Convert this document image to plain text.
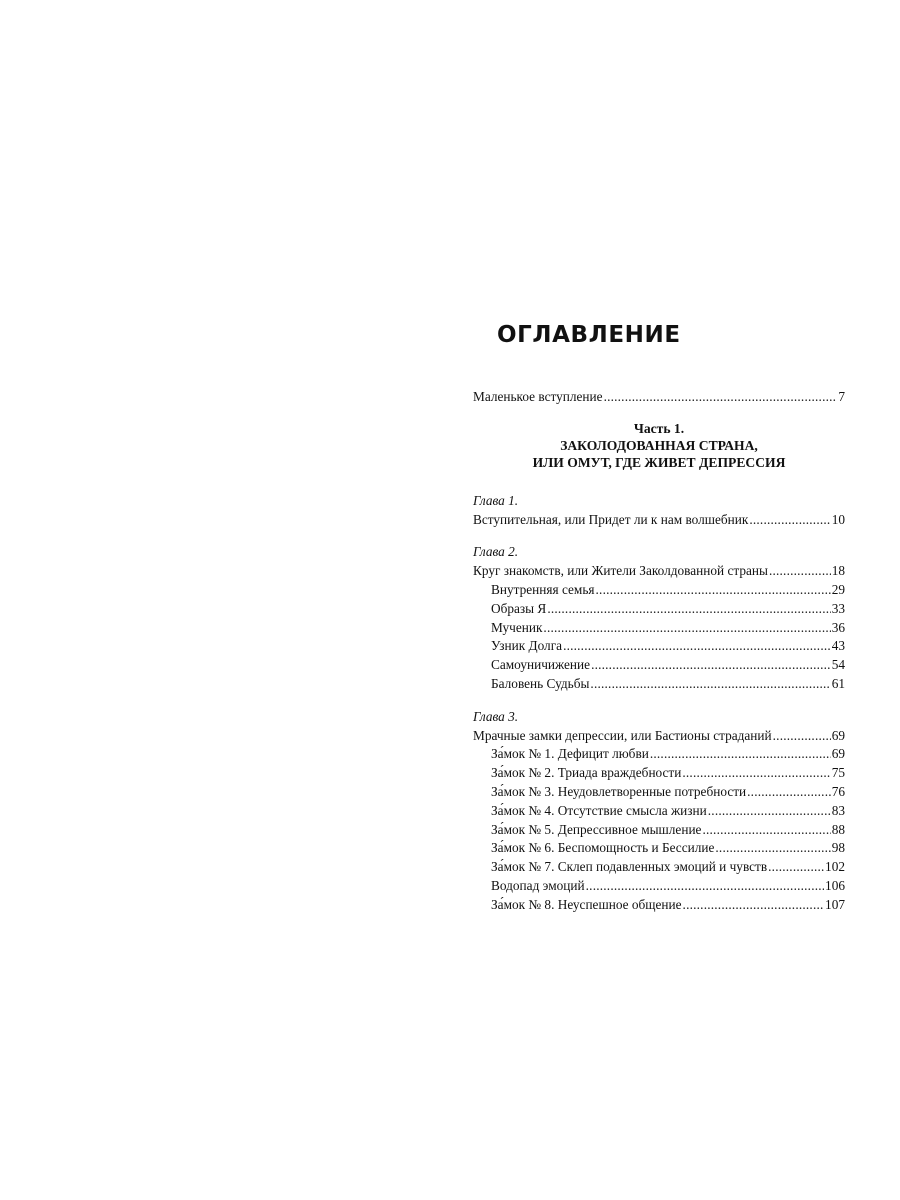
ОГЛАВЛЕНИЕ
Маленькое вступление .....	7
Часть 1.
ЗАКОЛОДОВАННАЯ СТРАНА,
ИЛИ ОМУТ, ГДЕ ЖИВЕТ ДЕПРЕССИЯ
Глава 1.
Вступительная, или Придет ли к нам волшебник .....	10
Глава 2.
Круг знакомств, или Жители Заколдованной страны .....	18
Внутренняя семья .....	29
Образы Я .....	33
Мученик .....	36
Узник Долга .....	43
Самоуничижение .....	54
Баловень Судьбы .....	61
Глава 3.
Мрачные замки депрессии, или Бастионы страданий .....	69
За́мок № 1. Дефицит любви .....	69
За́мок № 2. Триада враждебности .....	75
За́мок № 3. Неудовлетворенные потребности .....	76
За́мок № 4. Отсутствие смысла жизни .....	83
За́мок № 5. Депрессивное мышление .....	88
За́мок № 6. Беспомощность и Бессилие .....	98
За́мок № 7. Склеп подавленных эмоций и чувств .....	102
Водопад эмоций .....	106
За́мок № 8. Неуспешное общение .....	107
